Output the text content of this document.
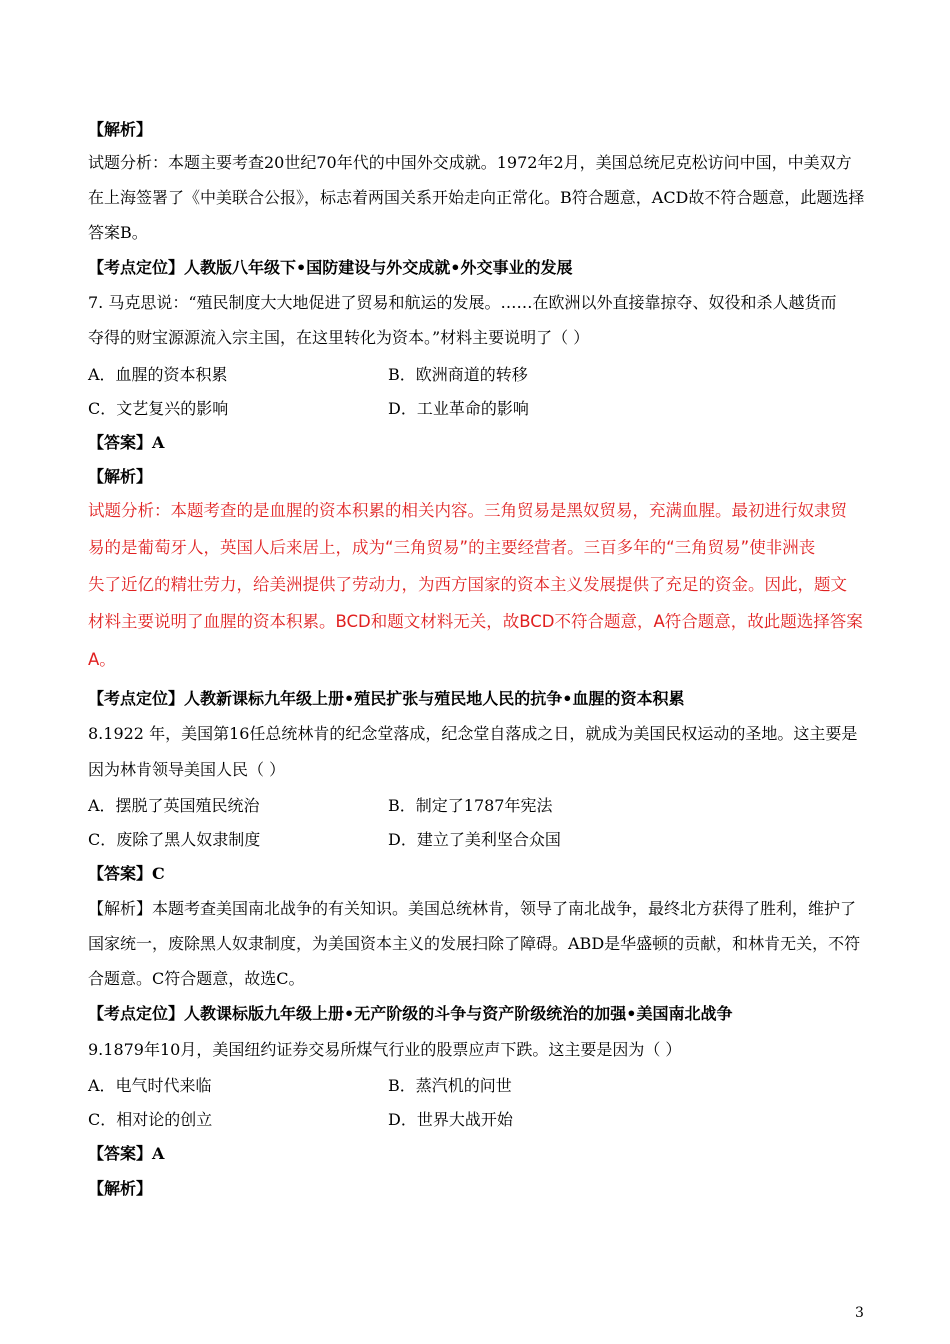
【解析】
试题分析：本题主要考查20世纪70年代的中国外交成就。1972年2月，美国总统尼克松访问中国，中美双方
在上海签署了《中美联合公报》，标志着两国关系开始走向正常化。B符合题意，ACD故不符合题意，此题选择
答案B。
【考点定位】人教版八年级下•国防建设与外交成就•外交事业的发展
7. 马克思说：“殖民制度大大地促进了贸易和航运的发展。……在欧洲以外直接靠掠夺、奴役和杀人越货而
夺得的财宝源源流入宗主国，在这里转化为资本。”材料主要说明了（ ）
A．血腥的资本积累	B．欧洲商道的转移
C．文艺复兴的影响	D．工业革命的影响
【答案】A
【解析】
试题分析：本题考查的是血腥的资本积累的相关内容。三角贸易是黑奴贸易，充满血腥。最初进行奴隶贸
易的是葡萄牙人，英国人后来居上，成为“三角贸易”的主要经营者。三百多年的“三角贸易”使非洲丧
失了近亿的精壮劳力，给美洲提供了劳动力，为西方国家的资本主义发展提供了充足的资金。因此，题文
材料主要说明了血腥的资本积累。BCD和题文材料无关，故BCD不符合题意，A符合题意，故此题选择答案
A。
【考点定位】人教新课标九年级上册•殖民扩张与殖民地人民的抗争•血腥的资本积累
8.1922 年，美国第16任总统林肯的纪念堂落成，纪念堂自落成之日，就成为美国民权运动的圣地。这主要是
因为林肯领导美国人民（ ）
A．摆脱了英国殖民统治	B．制定了1787年宪法
C．废除了黑人奴隶制度	D．建立了美利坚合众国
【答案】C
【解析】本题考查美国南北战争的有关知识。美国总统林肯，领导了南北战争，最终北方获得了胜利，维护了
国家统一，废除黑人奴隶制度，为美国资本主义的发展扫除了障碍。ABD是华盛顿的贡献，和林肯无关，不符
合题意。C符合题意，故选C。
【考点定位】人教课标版九年级上册•无产阶级的斗争与资产阶级统治的加强•美国南北战争
9.1879年10月，美国纽约证券交易所煤气行业的股票应声下跌。这主要是因为（ ）
A．电气时代来临	B．蒸汽机的问世
C．相对论的创立	D．世界大战开始
【答案】A
【解析】
3
